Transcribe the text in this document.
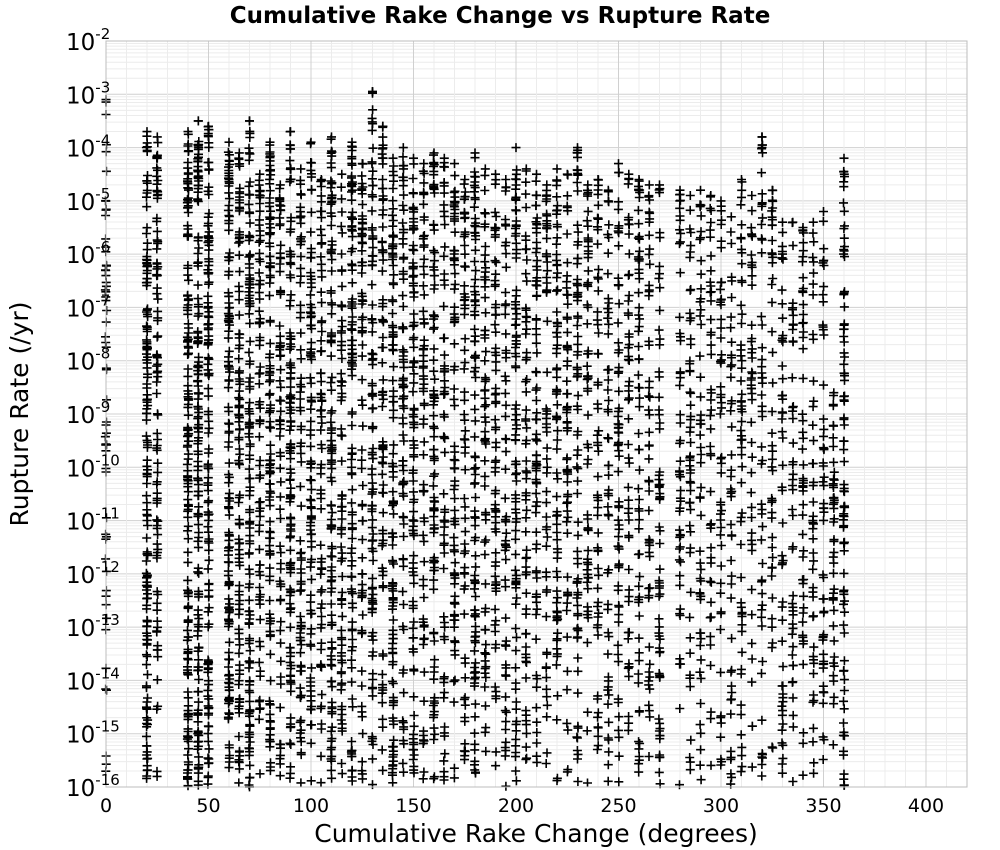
Cumulative Rake Change vs Rupture Rate
0	50	100	150	200	250	300	350	400
$10^{-16}$
$10^{-15}$
$10^{-14}$
$10^{-13}$
$10^{-12}$
$10^{-11}$
$10^{-10}$
$10^{-9}$
$10^{-8}$
$10^{-7}$
$10^{-6}$
$10^{-5}$
$10^{-4}$
$10^{-3}$
$10^{-2}$
Cumulative Rake Change (degrees)
Rupture Rate (/yr)
